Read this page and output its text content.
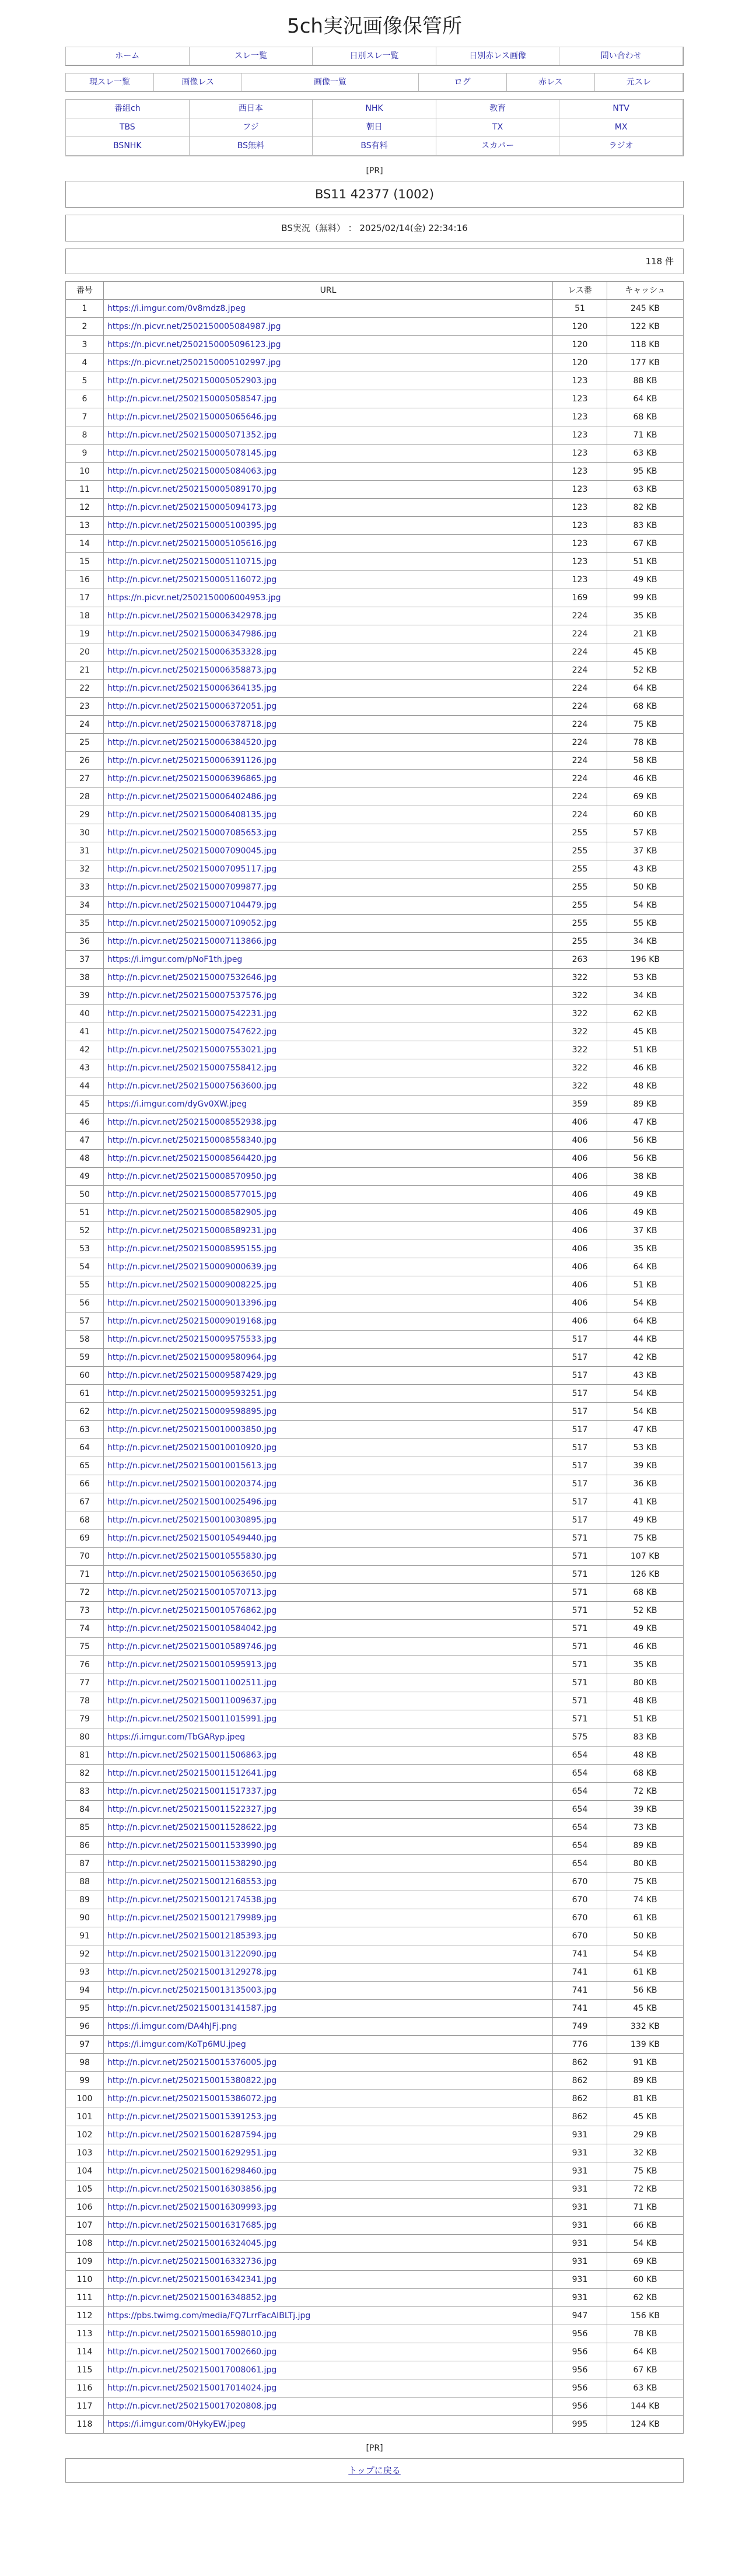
5ch実況画像保管所
ホーム	スレ一覧	日別スレ一覧	日別赤レス画像	問い合わせ
現スレ一覧	画像レス	画像一覧	ログ	赤レス	元スレ
番組ch	西日本	NHK	教育	NTV
TBS	フジ	朝日	TX	MX
BSNHK	BS無料	BS有料	スカパー	ラジオ
[PR]
BS11 42377 (1002)
BS実況（無料） ： 2025/02/14(金) 22:34:16
118 件
番号	URL	レス番	キャッシュ
1	https://i.imgur.com/0v8mdz8.jpeg	51	245 KB
2	https://n.picvr.net/2502150005084987.jpg	120	122 KB
3	https://n.picvr.net/2502150005096123.jpg	120	118 KB
4	https://n.picvr.net/2502150005102997.jpg	120	177 KB
5	http://n.picvr.net/2502150005052903.jpg	123	88 KB
6	http://n.picvr.net/2502150005058547.jpg	123	64 KB
7	http://n.picvr.net/2502150005065646.jpg	123	68 KB
8	http://n.picvr.net/2502150005071352.jpg	123	71 KB
9	http://n.picvr.net/2502150005078145.jpg	123	63 KB
10	http://n.picvr.net/2502150005084063.jpg	123	95 KB
11	http://n.picvr.net/2502150005089170.jpg	123	63 KB
12	http://n.picvr.net/2502150005094173.jpg	123	82 KB
13	http://n.picvr.net/2502150005100395.jpg	123	83 KB
14	http://n.picvr.net/2502150005105616.jpg	123	67 KB
15	http://n.picvr.net/2502150005110715.jpg	123	51 KB
16	http://n.picvr.net/2502150005116072.jpg	123	49 KB
17	https://n.picvr.net/2502150006004953.jpg	169	99 KB
18	http://n.picvr.net/2502150006342978.jpg	224	35 KB
19	http://n.picvr.net/2502150006347986.jpg	224	21 KB
20	http://n.picvr.net/2502150006353328.jpg	224	45 KB
21	http://n.picvr.net/2502150006358873.jpg	224	52 KB
22	http://n.picvr.net/2502150006364135.jpg	224	64 KB
23	http://n.picvr.net/2502150006372051.jpg	224	68 KB
24	http://n.picvr.net/2502150006378718.jpg	224	75 KB
25	http://n.picvr.net/2502150006384520.jpg	224	78 KB
26	http://n.picvr.net/2502150006391126.jpg	224	58 KB
27	http://n.picvr.net/2502150006396865.jpg	224	46 KB
28	http://n.picvr.net/2502150006402486.jpg	224	69 KB
29	http://n.picvr.net/2502150006408135.jpg	224	60 KB
30	http://n.picvr.net/2502150007085653.jpg	255	57 KB
31	http://n.picvr.net/2502150007090045.jpg	255	37 KB
32	http://n.picvr.net/2502150007095117.jpg	255	43 KB
33	http://n.picvr.net/2502150007099877.jpg	255	50 KB
34	http://n.picvr.net/2502150007104479.jpg	255	54 KB
35	http://n.picvr.net/2502150007109052.jpg	255	55 KB
36	http://n.picvr.net/2502150007113866.jpg	255	34 KB
37	https://i.imgur.com/pNoF1th.jpeg	263	196 KB
38	http://n.picvr.net/2502150007532646.jpg	322	53 KB
39	http://n.picvr.net/2502150007537576.jpg	322	34 KB
40	http://n.picvr.net/2502150007542231.jpg	322	62 KB
41	http://n.picvr.net/2502150007547622.jpg	322	45 KB
42	http://n.picvr.net/2502150007553021.jpg	322	51 KB
43	http://n.picvr.net/2502150007558412.jpg	322	46 KB
44	http://n.picvr.net/2502150007563600.jpg	322	48 KB
45	https://i.imgur.com/dyGv0XW.jpeg	359	89 KB
46	http://n.picvr.net/2502150008552938.jpg	406	47 KB
47	http://n.picvr.net/2502150008558340.jpg	406	56 KB
48	http://n.picvr.net/2502150008564420.jpg	406	56 KB
49	http://n.picvr.net/2502150008570950.jpg	406	38 KB
50	http://n.picvr.net/2502150008577015.jpg	406	49 KB
51	http://n.picvr.net/2502150008582905.jpg	406	49 KB
52	http://n.picvr.net/2502150008589231.jpg	406	37 KB
53	http://n.picvr.net/2502150008595155.jpg	406	35 KB
54	http://n.picvr.net/2502150009000639.jpg	406	64 KB
55	http://n.picvr.net/2502150009008225.jpg	406	51 KB
56	http://n.picvr.net/2502150009013396.jpg	406	54 KB
57	http://n.picvr.net/2502150009019168.jpg	406	64 KB
58	http://n.picvr.net/2502150009575533.jpg	517	44 KB
59	http://n.picvr.net/2502150009580964.jpg	517	42 KB
60	http://n.picvr.net/2502150009587429.jpg	517	43 KB
61	http://n.picvr.net/2502150009593251.jpg	517	54 KB
62	http://n.picvr.net/2502150009598895.jpg	517	54 KB
63	http://n.picvr.net/2502150010003850.jpg	517	47 KB
64	http://n.picvr.net/2502150010010920.jpg	517	53 KB
65	http://n.picvr.net/2502150010015613.jpg	517	39 KB
66	http://n.picvr.net/2502150010020374.jpg	517	36 KB
67	http://n.picvr.net/2502150010025496.jpg	517	41 KB
68	http://n.picvr.net/2502150010030895.jpg	517	49 KB
69	http://n.picvr.net/2502150010549440.jpg	571	75 KB
70	http://n.picvr.net/2502150010555830.jpg	571	107 KB
71	http://n.picvr.net/2502150010563650.jpg	571	126 KB
72	http://n.picvr.net/2502150010570713.jpg	571	68 KB
73	http://n.picvr.net/2502150010576862.jpg	571	52 KB
74	http://n.picvr.net/2502150010584042.jpg	571	49 KB
75	http://n.picvr.net/2502150010589746.jpg	571	46 KB
76	http://n.picvr.net/2502150010595913.jpg	571	35 KB
77	http://n.picvr.net/2502150011002511.jpg	571	80 KB
78	http://n.picvr.net/2502150011009637.jpg	571	48 KB
79	http://n.picvr.net/2502150011015991.jpg	571	51 KB
80	https://i.imgur.com/TbGARyp.jpeg	575	83 KB
81	http://n.picvr.net/2502150011506863.jpg	654	48 KB
82	http://n.picvr.net/2502150011512641.jpg	654	68 KB
83	http://n.picvr.net/2502150011517337.jpg	654	72 KB
84	http://n.picvr.net/2502150011522327.jpg	654	39 KB
85	http://n.picvr.net/2502150011528622.jpg	654	73 KB
86	http://n.picvr.net/2502150011533990.jpg	654	89 KB
87	http://n.picvr.net/2502150011538290.jpg	654	80 KB
88	http://n.picvr.net/2502150012168553.jpg	670	75 KB
89	http://n.picvr.net/2502150012174538.jpg	670	74 KB
90	http://n.picvr.net/2502150012179989.jpg	670	61 KB
91	http://n.picvr.net/2502150012185393.jpg	670	50 KB
92	http://n.picvr.net/2502150013122090.jpg	741	54 KB
93	http://n.picvr.net/2502150013129278.jpg	741	61 KB
94	http://n.picvr.net/2502150013135003.jpg	741	56 KB
95	http://n.picvr.net/2502150013141587.jpg	741	45 KB
96	https://i.imgur.com/DA4hJFj.png	749	332 KB
97	https://i.imgur.com/KoTp6MU.jpeg	776	139 KB
98	http://n.picvr.net/2502150015376005.jpg	862	91 KB
99	http://n.picvr.net/2502150015380822.jpg	862	89 KB
100	http://n.picvr.net/2502150015386072.jpg	862	81 KB
101	http://n.picvr.net/2502150015391253.jpg	862	45 KB
102	http://n.picvr.net/2502150016287594.jpg	931	29 KB
103	http://n.picvr.net/2502150016292951.jpg	931	32 KB
104	http://n.picvr.net/2502150016298460.jpg	931	75 KB
105	http://n.picvr.net/2502150016303856.jpg	931	72 KB
106	http://n.picvr.net/2502150016309993.jpg	931	71 KB
107	http://n.picvr.net/2502150016317685.jpg	931	66 KB
108	http://n.picvr.net/2502150016324045.jpg	931	54 KB
109	http://n.picvr.net/2502150016332736.jpg	931	69 KB
110	http://n.picvr.net/2502150016342341.jpg	931	60 KB
111	http://n.picvr.net/2502150016348852.jpg	931	62 KB
112	https://pbs.twimg.com/media/FQ7LrrFacAIBLTj.jpg	947	156 KB
113	http://n.picvr.net/2502150016598010.jpg	956	78 KB
114	http://n.picvr.net/2502150017002660.jpg	956	64 KB
115	http://n.picvr.net/2502150017008061.jpg	956	67 KB
116	http://n.picvr.net/2502150017014024.jpg	956	63 KB
117	http://n.picvr.net/2502150017020808.jpg	956	144 KB
118	https://i.imgur.com/0HykyEW.jpeg	995	124 KB
[PR]
トップに戻る
